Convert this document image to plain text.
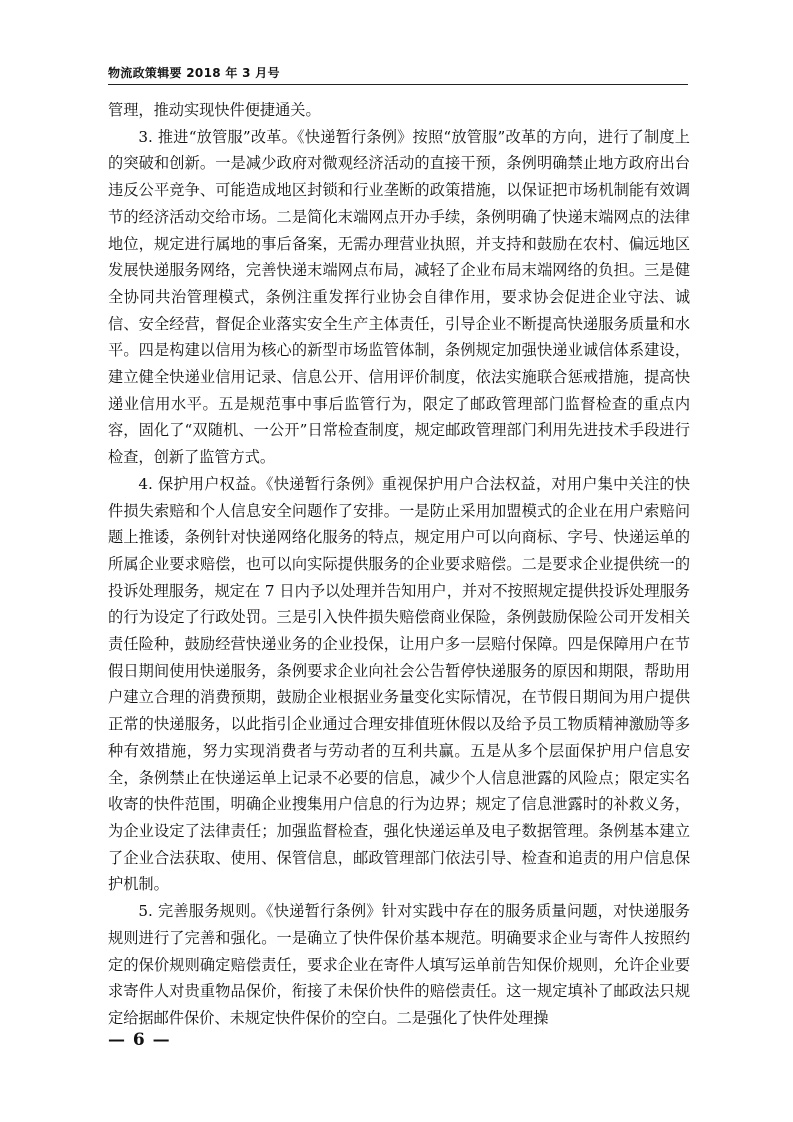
物流政策辑要 2018 年 3 月号

管理，推动实现快件便捷通关。

3. 推进“放管服”改革。《快递暂行条例》按照“放管服”改革的方向，进行了制度上的突破和创新。一是减少政府对微观经济活动的直接干预，条例明确禁止地方政府出台违反公平竞争、可能造成地区封锁和行业垄断的政策措施，以保证把市场机制能有效调节的经济活动交给市场。二是简化末端网点开办手续，条例明确了快递末端网点的法律地位，规定进行属地的事后备案，无需办理营业执照，并支持和鼓励在农村、偏远地区发展快递服务网络，完善快递末端网点布局，减轻了企业布局末端网络的负担。三是健全协同共治管理模式，条例注重发挥行业协会自律作用，要求协会促进企业守法、诚信、安全经营，督促企业落实安全生产主体责任，引导企业不断提高快递服务质量和水平。四是构建以信用为核心的新型市场监管体制，条例规定加强快递业诚信体系建设，建立健全快递业信用记录、信息公开、信用评价制度，依法实施联合惩戒措施，提高快递业信用水平。五是规范事中事后监管行为，限定了邮政管理部门监督检查的重点内容，固化了“双随机、一公开”日常检查制度，规定邮政管理部门利用先进技术手段进行检查，创新了监管方式。

4. 保护用户权益。《快递暂行条例》重视保护用户合法权益，对用户集中关注的快件损失索赔和个人信息安全问题作了安排。一是防止采用加盟模式的企业在用户索赔问题上推诿，条例针对快递网络化服务的特点，规定用户可以向商标、字号、快递运单的所属企业要求赔偿，也可以向实际提供服务的企业要求赔偿。二是要求企业提供统一的投诉处理服务，规定在 7 日内予以处理并告知用户，并对不按照规定提供投诉处理服务的行为设定了行政处罚。三是引入快件损失赔偿商业保险，条例鼓励保险公司开发相关责任险种，鼓励经营快递业务的企业投保，让用户多一层赔付保障。四是保障用户在节假日期间使用快递服务，条例要求企业向社会公告暂停快递服务的原因和期限，帮助用户建立合理的消费预期，鼓励企业根据业务量变化实际情况，在节假日期间为用户提供正常的快递服务，以此指引企业通过合理安排值班休假以及给予员工物质精神激励等多种有效措施，努力实现消费者与劳动者的互利共赢。五是从多个层面保护用户信息安全，条例禁止在快递运单上记录不必要的信息，减少个人信息泄露的风险点；限定实名收寄的快件范围，明确企业搜集用户信息的行为边界；规定了信息泄露时的补救义务，为企业设定了法律责任；加强监督检查，强化快递运单及电子数据管理。条例基本建立了企业合法获取、使用、保管信息，邮政管理部门依法引导、检查和追责的用户信息保护机制。

5. 完善服务规则。《快递暂行条例》针对实践中存在的服务质量问题，对快递服务规则进行了完善和强化。一是确立了快件保价基本规范。明确要求企业与寄件人按照约定的保价规则确定赔偿责任，要求企业在寄件人填写运单前告知保价规则，允许企业要求寄件人对贵重物品保价，衔接了未保价快件的赔偿责任。这一规定填补了邮政法只规定给据邮件保价、未规定快件保价的空白。二是强化了快件处理操

— 6 —
